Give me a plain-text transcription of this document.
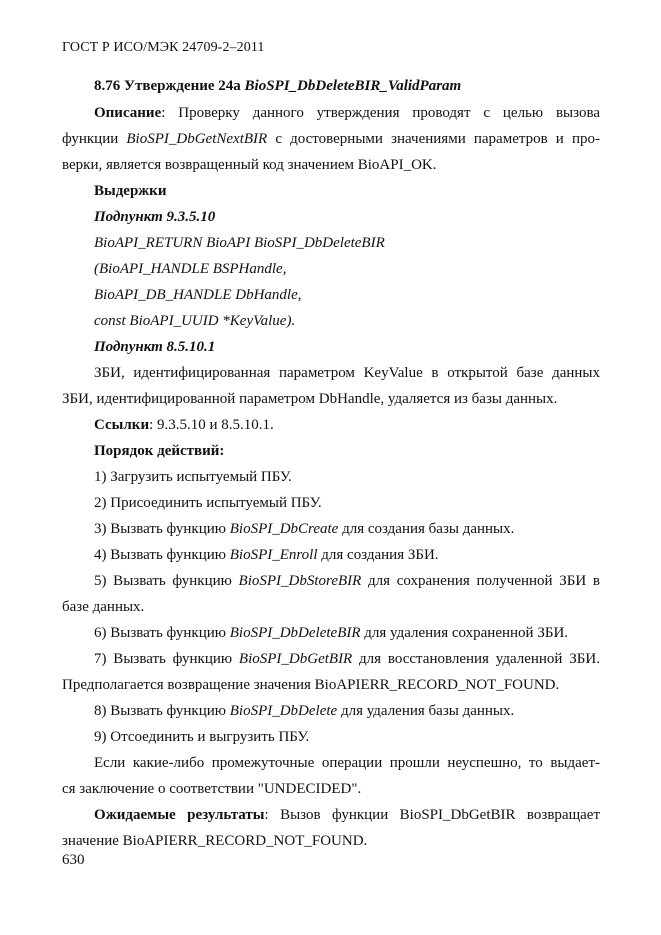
ГОСТ Р ИСО/МЭК 24709-2–2011
8.76 Утверждение 24а BioSPI_DbDeleteBIR_ValidParam
Описание: Проверку данного утверждения проводят с целью вызова
функции BioSPI_DbGetNextBIR с достоверными значениями параметров и про-
верки, является возвращенный код значением BioAPI_OK.
Выдержки
Подпункт 9.3.5.10
BioAPI_RETURN BioAPI BioSPI_DbDeleteBIR
(BioAPI_HANDLE BSPHandle,
BioAPI_DB_HANDLE DbHandle,
const BioAPI_UUID *KeyValue).
Подпункт 8.5.10.1
ЗБИ, идентифицированная параметром KeyValue в открытой базе данных
ЗБИ, идентифицированной параметром DbHandle, удаляется из базы данных.
Ссылки: 9.3.5.10 и 8.5.10.1.
Порядок действий:
1) Загрузить испытуемый ПБУ.
2) Присоединить испытуемый ПБУ.
3) Вызвать функцию BioSPI_DbCreate для создания базы данных.
4) Вызвать функцию BioSPI_Enroll для создания ЗБИ.
5) Вызвать функцию BioSPI_DbStoreBIR для сохранения полученной ЗБИ в
базе данных.
6) Вызвать функцию BioSPI_DbDeleteBIR для удаления сохраненной ЗБИ.
7) Вызвать функцию BioSPI_DbGetBIR для восстановления удаленной ЗБИ.
Предполагается возвращение значения BioAPIERR_RECORD_NOT_FOUND.
8) Вызвать функцию BioSPI_DbDelete для удаления базы данных.
9) Отсоединить и выгрузить ПБУ.
Если какие-либо промежуточные операции прошли неуспешно, то выдает-
ся заключение о соответствии "UNDECIDED".
Ожидаемые результаты: Вызов функции BioSPI_DbGetBIR возвращает
значение BioAPIERR_RECORD_NOT_FOUND.
630
